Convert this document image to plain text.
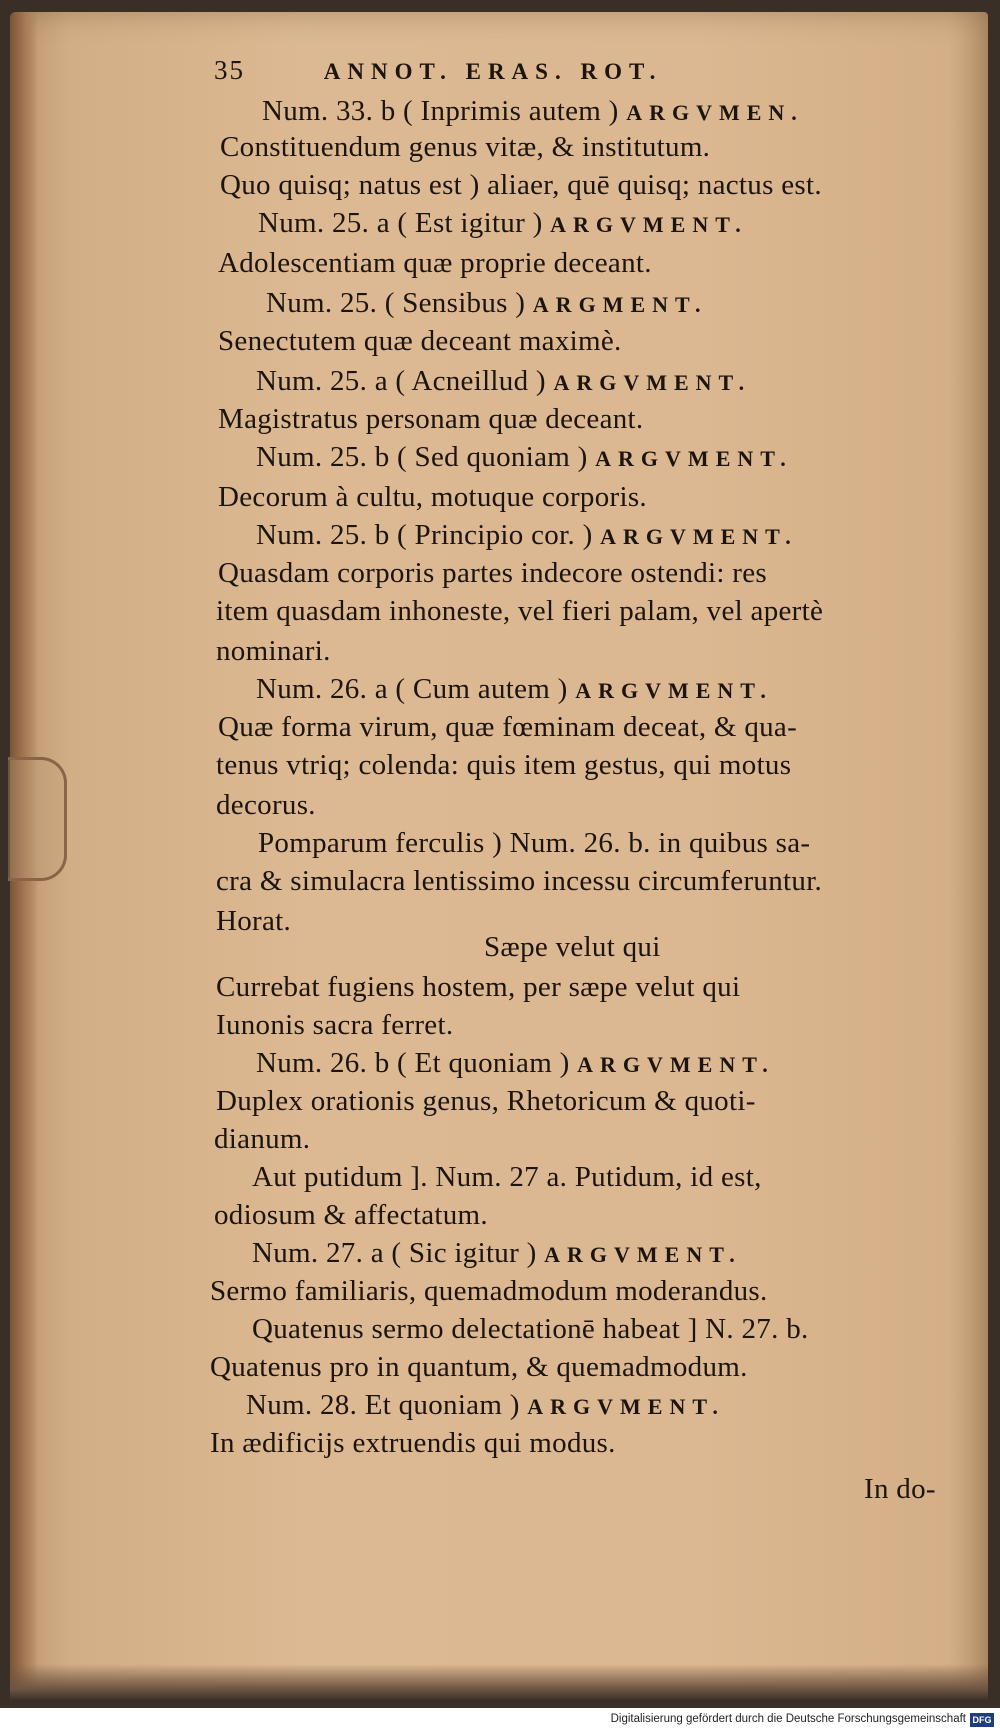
35	ANNOT. ERAS. ROT.
Num. 33. b ( Inprimis autem ) ARGVMEN.
Constituendum genus vitæ, & institutum.
Quo quisq; natus est ) aliaer, quē quisq; nactus est.
Num. 25. a ( Est igitur ) ARGVMENT.
Adolescentiam quæ proprie deceant.
Num. 25. ( Sensibus ) ARGMENT.
Senectutem quæ deceant maximè.
Num. 25. a ( Acneillud ) ARGVMENT.
Magistratus personam quæ deceant.
Num. 25. b ( Sed quoniam ) ARGVMENT.
Decorum à cultu, motuque corporis.
Num. 25. b ( Principio cor. ) ARGVMENT.
Quasdam corporis partes indecore ostendi: res
item quasdam inhoneste, vel fieri palam, vel apertè
nominari.
Num. 26. a ( Cum autem ) ARGVMENT.
Quæ forma virum, quæ fœminam deceat, & qua-
tenus vtriq; colenda: quis item gestus, qui motus
decorus.
Pomparum ferculis ) Num. 26. b. in quibus sa-
cra & simulacra lentissimo incessu circumferuntur.
Horat.
Sæpe velut qui
Currebat fugiens hostem, per sæpe velut qui
Iunonis sacra ferret.
Num. 26. b ( Et quoniam ) ARGVMENT.
Duplex orationis genus, Rhetoricum & quoti-
dianum.
Aut putidum ]. Num. 27 a. Putidum, id est,
odiosum & affectatum.
Num. 27. a ( Sic igitur ) ARGVMENT.
Sermo familiaris, quemadmodum moderandus.
Quatenus sermo delectationē habeat ] N. 27. b.
Quatenus pro in quantum, & quemadmodum.
Num. 28. Et quoniam ) ARGVMENT.
In ædificijs extruendis qui modus.
In do-
Digitalisierung gefördert durch die Deutsche Forschungsgemeinschaft DFG
